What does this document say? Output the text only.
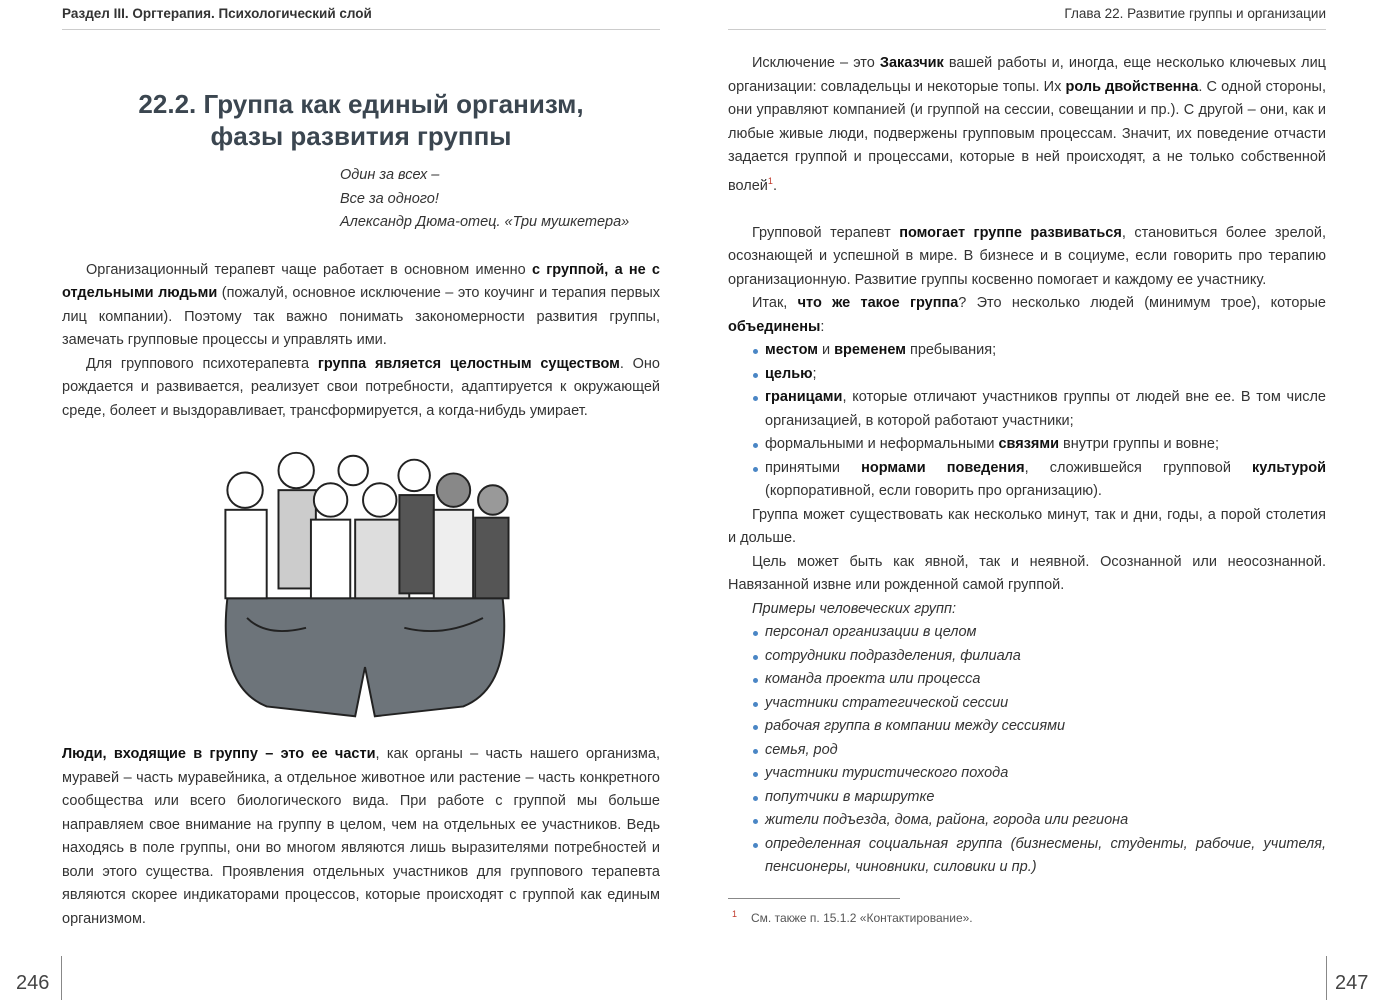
Раздел III. Оргтерапия. Психологический слой
22.2. Группа как единый организм,
фазы развития группы
Один за всех –
Все за одного!
Александр Дюма-отец. «Три мушкетера»

Организационный терапевт чаще работает в основном именно с группой, а не с отдельными людьми (пожалуй, основное исключение – это коучинг и терапия первых лиц компании). Поэтому так важно понимать закономерности развития группы, замечать групповые процессы и управлять ими.

Для группового психотерапевта группа является целостным существом. Оно рождается и развивается, реализует свои потребности, адаптируется к окружающей среде, болеет и выздоравливает, трансформируется, а когда-нибудь умирает.

Люди, входящие в группу – это ее части, как органы – часть нашего организма, муравей – часть муравейника, а отдельное животное или растение – часть конкретного сообщества или всего биологического вида. При работе с группой мы больше направляем свое внимание на группу в целом, чем на отдельных ее участников. Ведь находясь в поле группы, они во многом являются лишь выразителями потребностей и воли этого существа. Проявления отдельных участников для группового терапевта являются скорее индикаторами процессов, которые происходят с группой как единым организмом.

246
Глава 22. Развитие группы и организации

Исключение – это Заказчик вашей работы и, иногда, еще несколько ключевых лиц организации: совладельцы и некоторые топы. Их роль двойственна. С одной стороны, они управляют компанией (и группой на сессии, совещании и пр.). С другой – они, как и любые живые люди, подвержены групповым процессам. Значит, их поведение отчасти задается группой и процессами, которые в ней происходят, а не только собственной волей$^1$.

Групповой терапевт помогает группе развиваться, становиться более зрелой, осознающей и успешной в мире. В бизнесе и в социуме, если говорить про терапию организационную. Развитие группы косвенно помогает и каждому ее участнику.

Итак, что же такое группа? Это несколько людей (минимум трое), которые объединены:

местом и временем пребывания;
целью;
границами, которые отличают участников группы от людей вне ее. В том числе организацией, в которой работают участники;
формальными и неформальными связями внутри группы и вовне;
принятыми нормами поведения, сложившейся групповой культурой (корпоративной, если говорить про организацию).

Группа может существовать как несколько минут, так и дни, годы, а порой столетия и дольше.

Цель может быть как явной, так и неявной. Осознанной или неосознанной. Навязанной извне или рожденной самой группой.

Примеры человеческих групп:

персонал организации в целом
сотрудники подразделения, филиала
команда проекта или процесса
участники стратегической сессии
рабочая группа в компании между сессиями
семья, род
участники туристического похода
попутчики в маршрутке
жители подъезда, дома, района, города или региона
определенная социальная группа (бизнесмены, студенты, рабочие, учителя, пенсионеры, чиновники, силовики и пр.)
$^1$ См. также п. 15.1.2 «Контактирование».
247
